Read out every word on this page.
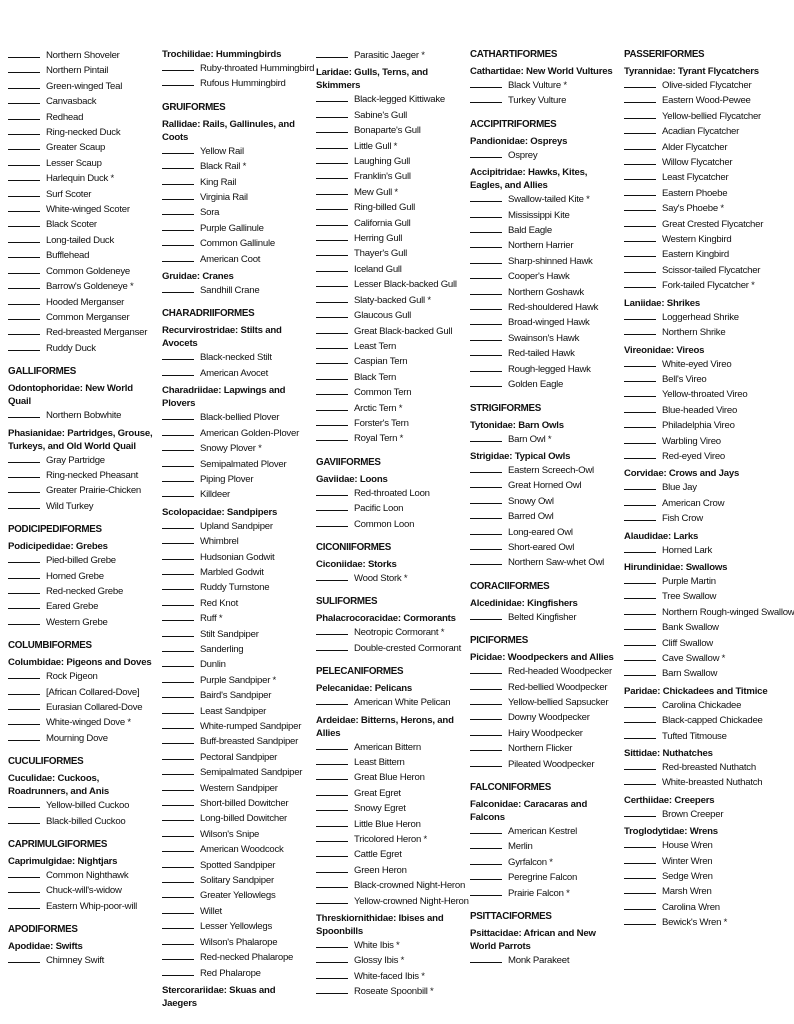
Northern Shoveler
Northern Pintail
Green-winged Teal
Canvasback
Redhead
Ring-necked Duck
Greater Scaup
Lesser Scaup
Harlequin Duck *
Surf Scoter
White-winged Scoter
Black Scoter
Long-tailed Duck
Bufflehead
Common Goldeneye
Barrow's Goldeneye *
Hooded Merganser
Common Merganser
Red-breasted Merganser
Ruddy Duck
GALLIFORMES
Odontophoridae: New World Quail
Northern Bobwhite
Phasianidae: Partridges, Grouse, Turkeys, and Old World Quail
Gray Partridge
Ring-necked Pheasant
Greater Prairie-Chicken
Wild Turkey
PODICIPEDIFORMES
Podicipedidae: Grebes
Pied-billed Grebe
Horned Grebe
Red-necked Grebe
Eared Grebe
Western Grebe
COLUMBIFORMES
Columbidae: Pigeons and Doves
Rock Pigeon
[African Collared-Dove]
Eurasian Collared-Dove
White-winged Dove *
Mourning Dove
CUCULIFORMES
Cuculidae: Cuckoos, Roadrunners, and Anis
Yellow-billed Cuckoo
Black-billed Cuckoo
CAPRIMULGIFORMES
Caprimulgidae: Nightjars
Common Nighthawk
Chuck-will's-widow
Eastern Whip-poor-will
APODIFORMES
Apodidae: Swifts
Chimney Swift
Trochilidae: Hummingbirds
Ruby-throated Hummingbird
Rufous Hummingbird
GRUIFORMES
Rallidae: Rails, Gallinules, and Coots
Yellow Rail
Black Rail *
King Rail
Virginia Rail
Sora
Purple Gallinule
Common Gallinule
American Coot
Gruidae: Cranes
Sandhill Crane
CHARADRIIFORMES
Recurvirostridae: Stilts and Avocets
Black-necked Stilt
American Avocet
Charadriidae: Lapwings and Plovers
Black-bellied Plover
American Golden-Plover
Snowy Plover *
Semipalmated Plover
Piping Plover
Killdeer
Scolopacidae: Sandpipers
Upland Sandpiper
Whimbrel
Hudsonian Godwit
Marbled Godwit
Ruddy Turnstone
Red Knot
Ruff *
Stilt Sandpiper
Sanderling
Dunlin
Purple Sandpiper *
Baird's Sandpiper
Least Sandpiper
White-rumped Sandpiper
Buff-breasted Sandpiper
Pectoral Sandpiper
Semipalmated Sandpiper
Western Sandpiper
Short-billed Dowitcher
Long-billed Dowitcher
Wilson's Snipe
American Woodcock
Spotted Sandpiper
Solitary Sandpiper
Greater Yellowlegs
Willet
Lesser Yellowlegs
Wilson's Phalarope
Red-necked Phalarope
Red Phalarope
Stercorariidae: Skuas and Jaegers
Parasitic Jaeger *
Laridae: Gulls, Terns, and Skimmers
Black-legged Kittiwake
Sabine's Gull
Bonaparte's Gull
Little Gull *
Laughing Gull
Franklin's Gull
Mew Gull *
Ring-billed Gull
California Gull
Herring Gull
Thayer's Gull
Iceland Gull
Lesser Black-backed Gull
Slaty-backed Gull *
Glaucous Gull
Great Black-backed Gull
Least Tern
Caspian Tern
Black Tern
Common Tern
Arctic Tern *
Forster's Tern
Royal Tern *
GAVIIFORMES
Gaviidae: Loons
Red-throated Loon
Pacific Loon
Common Loon
CICONIIFORMES
Ciconiidae: Storks
Wood Stork *
SULIFORMES
Phalacrocoracidae: Cormorants
Neotropic Cormorant *
Double-crested Cormorant
PELECANIFORMES
Pelecanidae: Pelicans
American White Pelican
Ardeidae: Bitterns, Herons, and Allies
American Bittern
Least Bittern
Great Blue Heron
Great Egret
Snowy Egret
Little Blue Heron
Tricolored Heron *
Cattle Egret
Green Heron
Black-crowned Night-Heron
Yellow-crowned Night-Heron
Threskiornithidae: Ibises and Spoonbills
White Ibis *
Glossy Ibis *
White-faced Ibis *
Roseate Spoonbill *
CATHARTIFORMES
Cathartidae: New World Vultures
Black Vulture *
Turkey Vulture
ACCIPITRIFORMES
Pandionidae: Ospreys
Osprey
Accipitridae: Hawks, Kites, Eagles, and Allies
Swallow-tailed Kite *
Mississippi Kite
Bald Eagle
Northern Harrier
Sharp-shinned Hawk
Cooper's Hawk
Northern Goshawk
Red-shouldered Hawk
Broad-winged Hawk
Swainson's Hawk
Red-tailed Hawk
Rough-legged Hawk
Golden Eagle
STRIGIFORMES
Tytonidae: Barn Owls
Barn Owl *
Strigidae: Typical Owls
Eastern Screech-Owl
Great Horned Owl
Snowy Owl
Barred Owl
Long-eared Owl
Short-eared Owl
Northern Saw-whet Owl
CORACIIFORMES
Alcedinidae: Kingfishers
Belted Kingfisher
PICIFORMES
Picidae: Woodpeckers and Allies
Red-headed Woodpecker
Red-bellied Woodpecker
Yellow-bellied Sapsucker
Downy Woodpecker
Hairy Woodpecker
Northern Flicker
Pileated Woodpecker
FALCONIFORMES
Falconidae: Caracaras and Falcons
American Kestrel
Merlin
Gyrfalcon *
Peregrine Falcon
Prairie Falcon *
PSITTACIFORMES
Psittacidae: African and New World Parrots
Monk Parakeet
PASSERIFORMES
Tyrannidae: Tyrant Flycatchers
Olive-sided Flycatcher
Eastern Wood-Pewee
Yellow-bellied Flycatcher
Acadian Flycatcher
Alder Flycatcher
Willow Flycatcher
Least Flycatcher
Eastern Phoebe
Say's Phoebe *
Great Crested Flycatcher
Western Kingbird
Eastern Kingbird
Scissor-tailed Flycatcher
Fork-tailed Flycatcher *
Laniidae: Shrikes
Loggerhead Shrike
Northern Shrike
Vireonidae: Vireos
White-eyed Vireo
Bell's Vireo
Yellow-throated Vireo
Blue-headed Vireo
Philadelphia Vireo
Warbling Vireo
Red-eyed Vireo
Corvidae: Crows and Jays
Blue Jay
American Crow
Fish Crow
Alaudidae: Larks
Horned Lark
Hirundinidae: Swallows
Purple Martin
Tree Swallow
Northern Rough-winged Swallow
Bank Swallow
Cliff Swallow
Cave Swallow *
Barn Swallow
Paridae: Chickadees and Titmice
Carolina Chickadee
Black-capped Chickadee
Tufted Titmouse
Sittidae: Nuthatches
Red-breasted Nuthatch
White-breasted Nuthatch
Certhiidae: Creepers
Brown Creeper
Troglodytidae: Wrens
House Wren
Winter Wren
Sedge Wren
Marsh Wren
Carolina Wren
Bewick's Wren *
